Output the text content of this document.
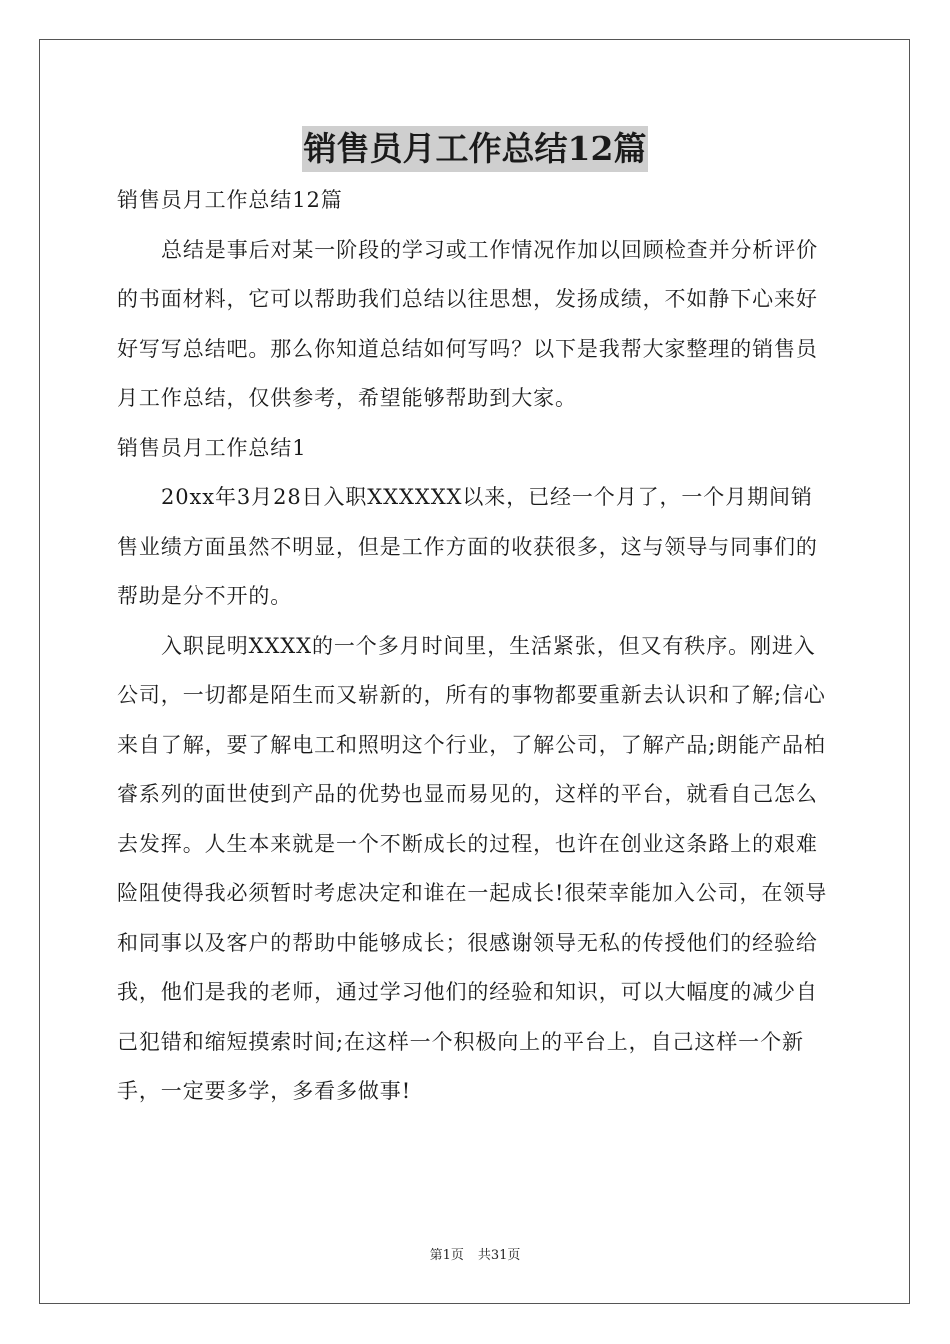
销售员月工作总结12篇

销售员月工作总结12篇

总结是事后对某一阶段的学习或工作情况作加以回顾检查并分析评价的书面材料，它可以帮助我们总结以往思想，发扬成绩，不如静下心来好好写写总结吧。那么你知道总结如何写吗？以下是我帮大家整理的销售员月工作总结，仅供参考，希望能够帮助到大家。

销售员月工作总结1

20xx年3月28日入职XXXXXX以来，已经一个月了，一个月期间销售业绩方面虽然不明显，但是工作方面的收获很多，这与领导与同事们的帮助是分不开的。

入职昆明XXXX的一个多月时间里，生活紧张，但又有秩序。刚进入公司，一切都是陌生而又崭新的，所有的事物都要重新去认识和了解;信心来自了解，要了解电工和照明这个行业，了解公司，了解产品;朗能产品柏睿系列的面世使到产品的优势也显而易见的，这样的平台，就看自己怎么去发挥。人生本来就是一个不断成长的过程，也许在创业这条路上的艰难险阻使得我必须暂时考虑决定和谁在一起成长!很荣幸能加入公司，在领导和同事以及客户的帮助中能够成长；很感谢领导无私的传授他们的经验给我，他们是我的老师，通过学习他们的经验和知识，可以大幅度的减少自己犯错和缩短摸索时间;在这样一个积极向上的平台上，自己这样一个新手，一定要多学，多看多做事!

第1页 共31页
